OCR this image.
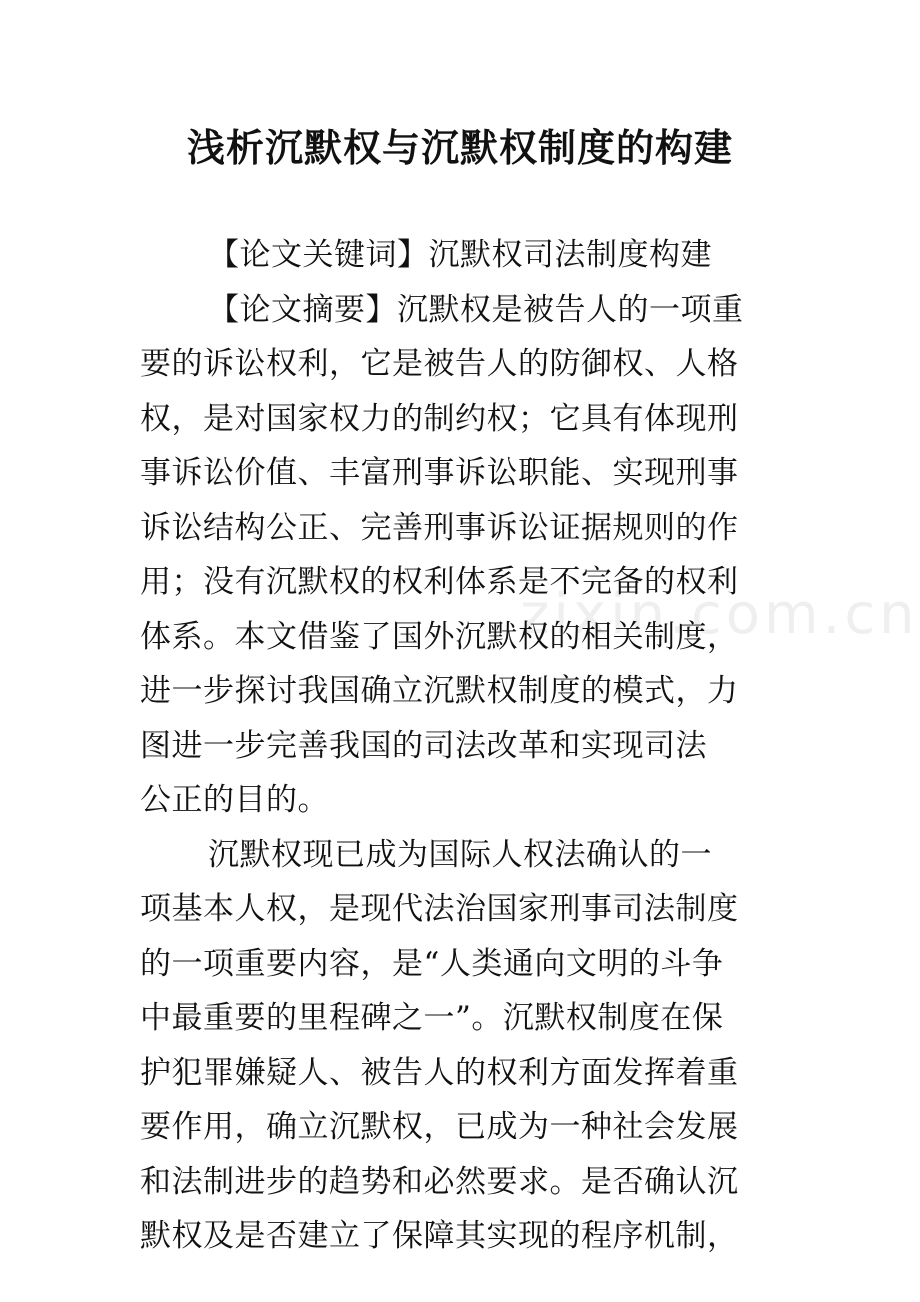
zixin.com.cn
浅析沉默权与沉默权制度的构建
【论文关键词】沉默权司法制度构建
【论文摘要】沉默权是被告人的一项重
要的诉讼权利，它是被告人的防御权、人格
权，是对国家权力的制约权；它具有体现刑
事诉讼价值、丰富刑事诉讼职能、实现刑事
诉讼结构公正、完善刑事诉讼证据规则的作
用；没有沉默权的权利体系是不完备的权利
体系。本文借鉴了国外沉默权的相关制度，
进一步探讨我国确立沉默权制度的模式，力
图进一步完善我国的司法改革和实现司法
公正的目的。
沉默权现已成为国际人权法确认的一
项基本人权，是现代法治国家刑事司法制度
的一项重要内容，是“人类通向文明的斗争
中最重要的里程碑之一”。沉默权制度在保
护犯罪嫌疑人、被告人的权利方面发挥着重
要作用，确立沉默权，已成为一种社会发展
和法制进步的趋势和必然要求。是否确认沉
默权及是否建立了保障其实现的程序机制，
